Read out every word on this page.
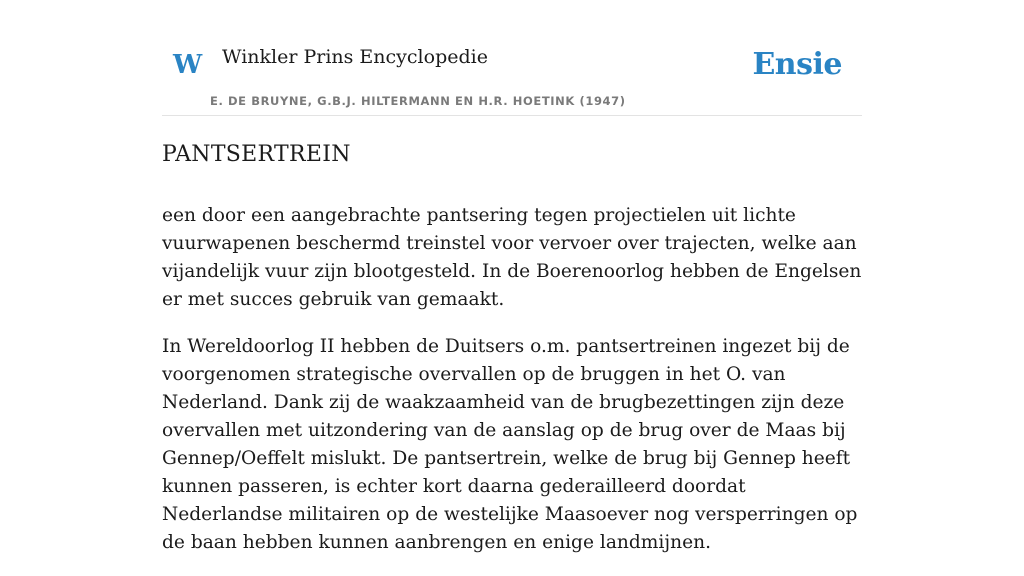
W Winkler Prins Encyclopedie
E. DE BRUYNE, G.B.J. HILTERMANN EN H.R. HOETINK (1947)
Ensie
PANTSERTREIN

een door een aangebrachte pantsering tegen projectielen uit lichte vuurwapenen beschermd treinstel voor vervoer over trajecten, welke aan vijandelijk vuur zijn blootgesteld. In de Boerenoorlog hebben de Engelsen er met succes gebruik van gemaakt.

In Wereldoorlog II hebben de Duitsers o.m. pantsertreinen ingezet bij de voorgenomen strategische overvallen op de bruggen in het O. van Nederland. Dank zij de waakzaamheid van de brugbezettingen zijn deze overvallen met uitzondering van de aanslag op de brug over de Maas bij Gennep/Oeffelt mislukt. De pantsertrein, welke de brug bij Gennep heeft kunnen passeren, is echter kort daarna gederailleerd doordat Nederlandse militairen op de westelijke Maasoever nog versperringen op de baan hebben kunnen aanbrengen en enige landmijnen.
